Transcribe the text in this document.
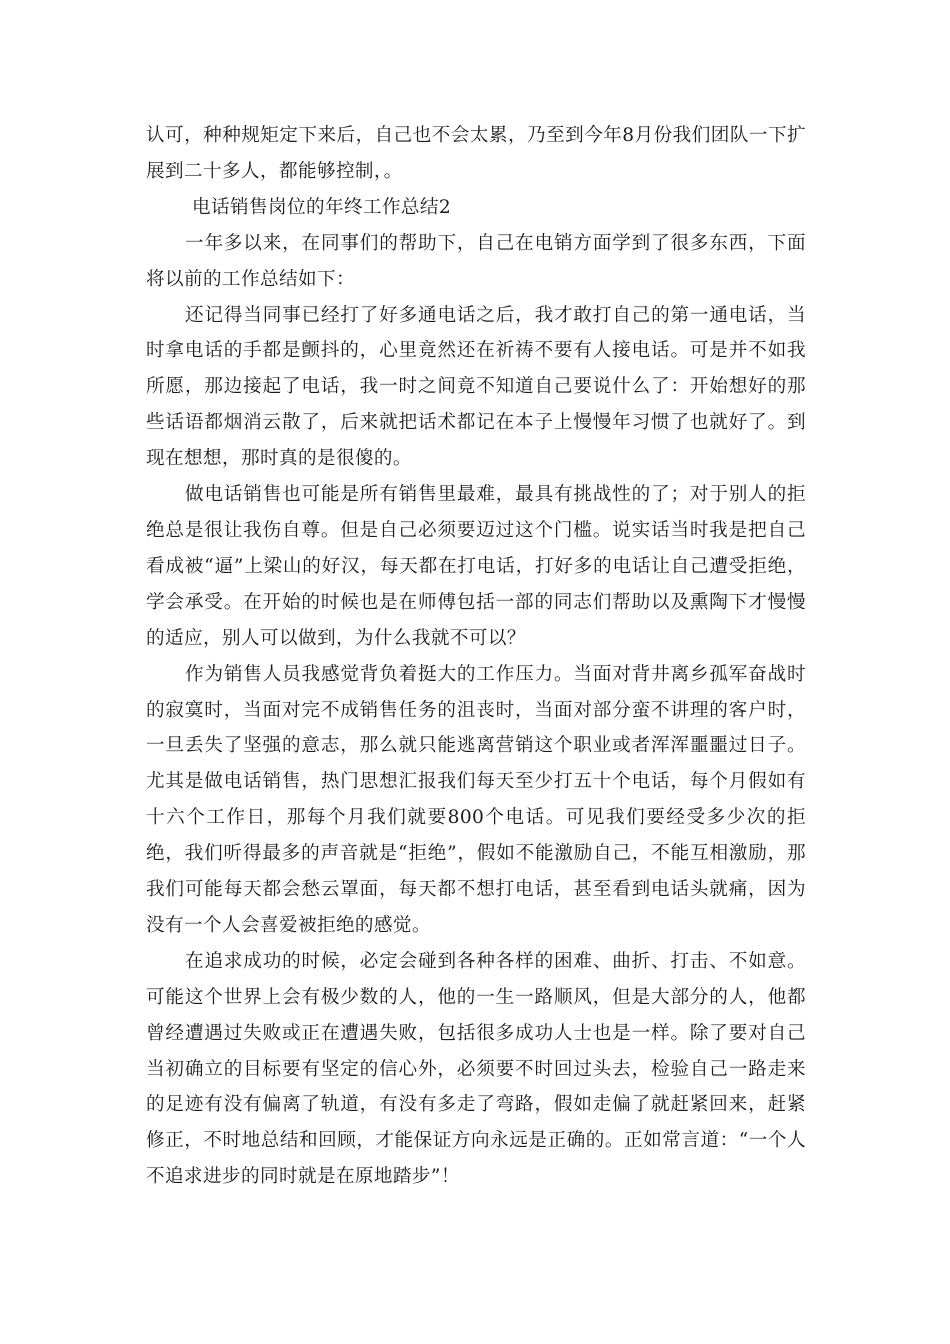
认可，种种规矩定下来后，自己也不会太累，乃至到今年8月份我们团队一下扩展到二十多人，都能够控制，。

电话销售岗位的年终工作总结2

一年多以来，在同事们的帮助下，自己在电销方面学到了很多东西，下面将以前的工作总结如下：

还记得当同事已经打了好多通电话之后，我才敢打自己的第一通电话，当时拿电话的手都是颤抖的，心里竟然还在祈祷不要有人接电话。可是并不如我所愿，那边接起了电话，我一时之间竟不知道自己要说什么了：开始想好的那些话语都烟消云散了，后来就把话术都记在本子上慢慢年习惯了也就好了。到现在想想，那时真的是很傻的。

做电话销售也可能是所有销售里最难，最具有挑战性的了；对于别人的拒绝总是很让我伤自尊。但是自己必须要迈过这个门槛。说实话当时我是把自己看成被“逼”上梁山的好汉，每天都在打电话，打好多的电话让自己遭受拒绝，学会承受。在开始的时候也是在师傅包括一部的同志们帮助以及熏陶下才慢慢的适应，别人可以做到，为什么我就不可以？

作为销售人员我感觉背负着挺大的工作压力。当面对背井离乡孤军奋战时的寂寞时，当面对完不成销售任务的沮丧时，当面对部分蛮不讲理的客户时，一旦丢失了坚强的意志，那么就只能逃离营销这个职业或者浑浑噩噩过日子。尤其是做电话销售，热门思想汇报我们每天至少打五十个电话，每个月假如有十六个工作日，那每个月我们就要800个电话。可见我们要经受多少次的拒绝，我们听得最多的声音就是“拒绝”，假如不能激励自己，不能互相激励，那我们可能每天都会愁云罩面，每天都不想打电话，甚至看到电话头就痛，因为没有一个人会喜爱被拒绝的感觉。

在追求成功的时候，必定会碰到各种各样的困难、曲折、打击、不如意。可能这个世界上会有极少数的人，他的一生一路顺风，但是大部分的人，他都曾经遭遇过失败或正在遭遇失败，包括很多成功人士也是一样。除了要对自己当初确立的目标要有坚定的信心外，必须要不时回过头去，检验自己一路走来的足迹有没有偏离了轨道，有没有多走了弯路，假如走偏了就赶紧回来，赶紧修正，不时地总结和回顾，才能保证方向永远是正确的。正如常言道：“一个人不追求进步的同时就是在原地踏步”！
